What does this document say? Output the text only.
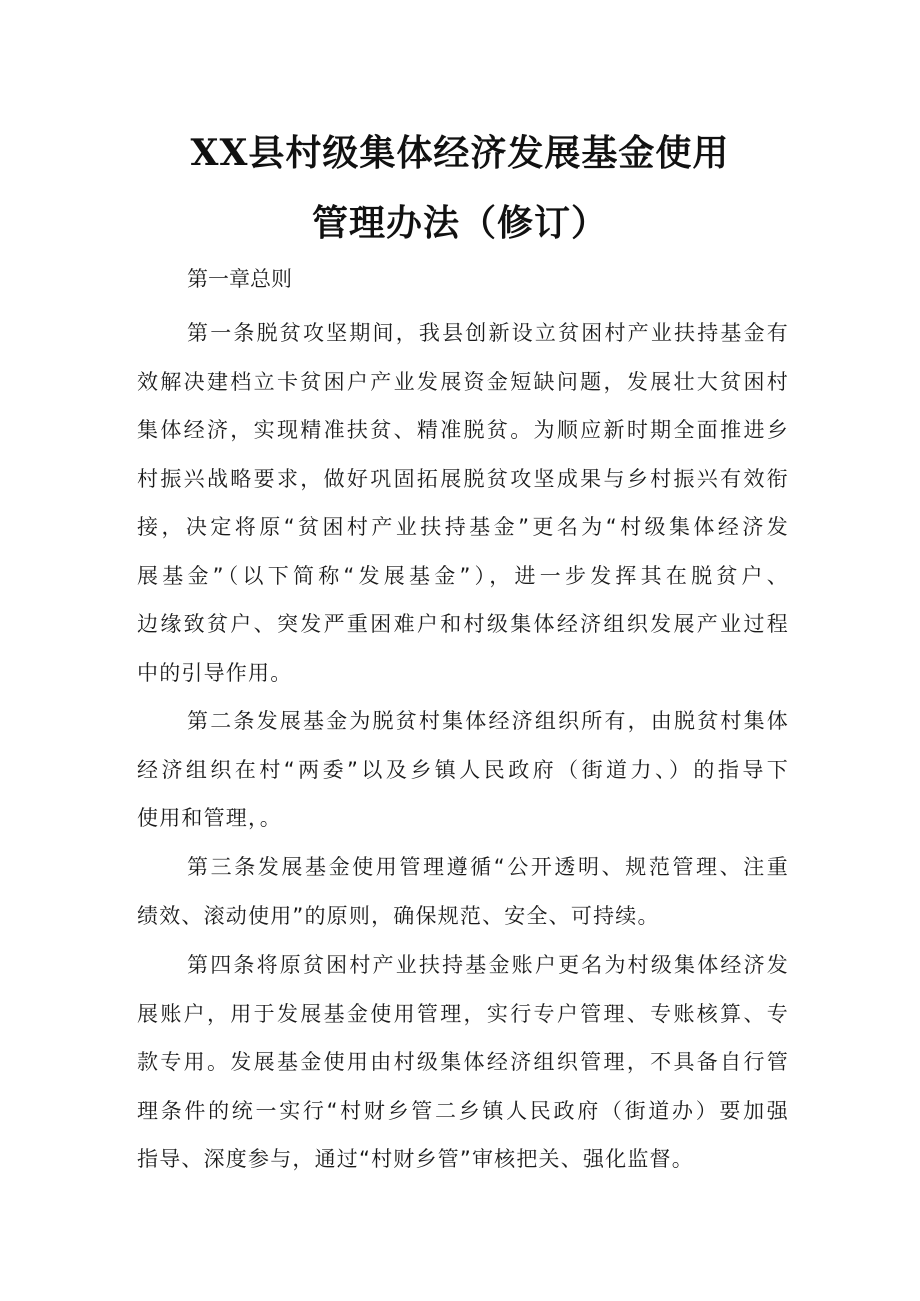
XX县村级集体经济发展基金使用
管理办法（修订）

第一章总则

第一条脱贫攻坚期间，我县创新设立贫困村产业扶持基金有
效解决建档立卡贫困户产业发展资金短缺问题，发展壮大贫困村
集体经济，实现精准扶贫、精准脱贫。为顺应新时期全面推进乡
村振兴战略要求，做好巩固拓展脱贫攻坚成果与乡村振兴有效衔
接，决定将原“贫困村产业扶持基金”更名为“村级集体经济发
展基金”（以下简称“发展基金”），进一步发挥其在脱贫户、
边缘致贫户、突发严重困难户和村级集体经济组织发展产业过程
中的引导作用。

第二条发展基金为脱贫村集体经济组织所有，由脱贫村集体
经济组织在村“两委”以及乡镇人民政府（街道力、）的指导下
使用和管理，。

第三条发展基金使用管理遵循“公开透明、规范管理、注重
绩效、滚动使用”的原则，确保规范、安全、可持续。

第四条将原贫困村产业扶持基金账户更名为村级集体经济发
展账户，用于发展基金使用管理，实行专户管理、专账核算、专
款专用。发展基金使用由村级集体经济组织管理，不具备自行管
理条件的统一实行“村财乡管二乡镇人民政府（街道办）要加强
指导、深度参与，通过“村财乡管”审核把关、强化监督。
